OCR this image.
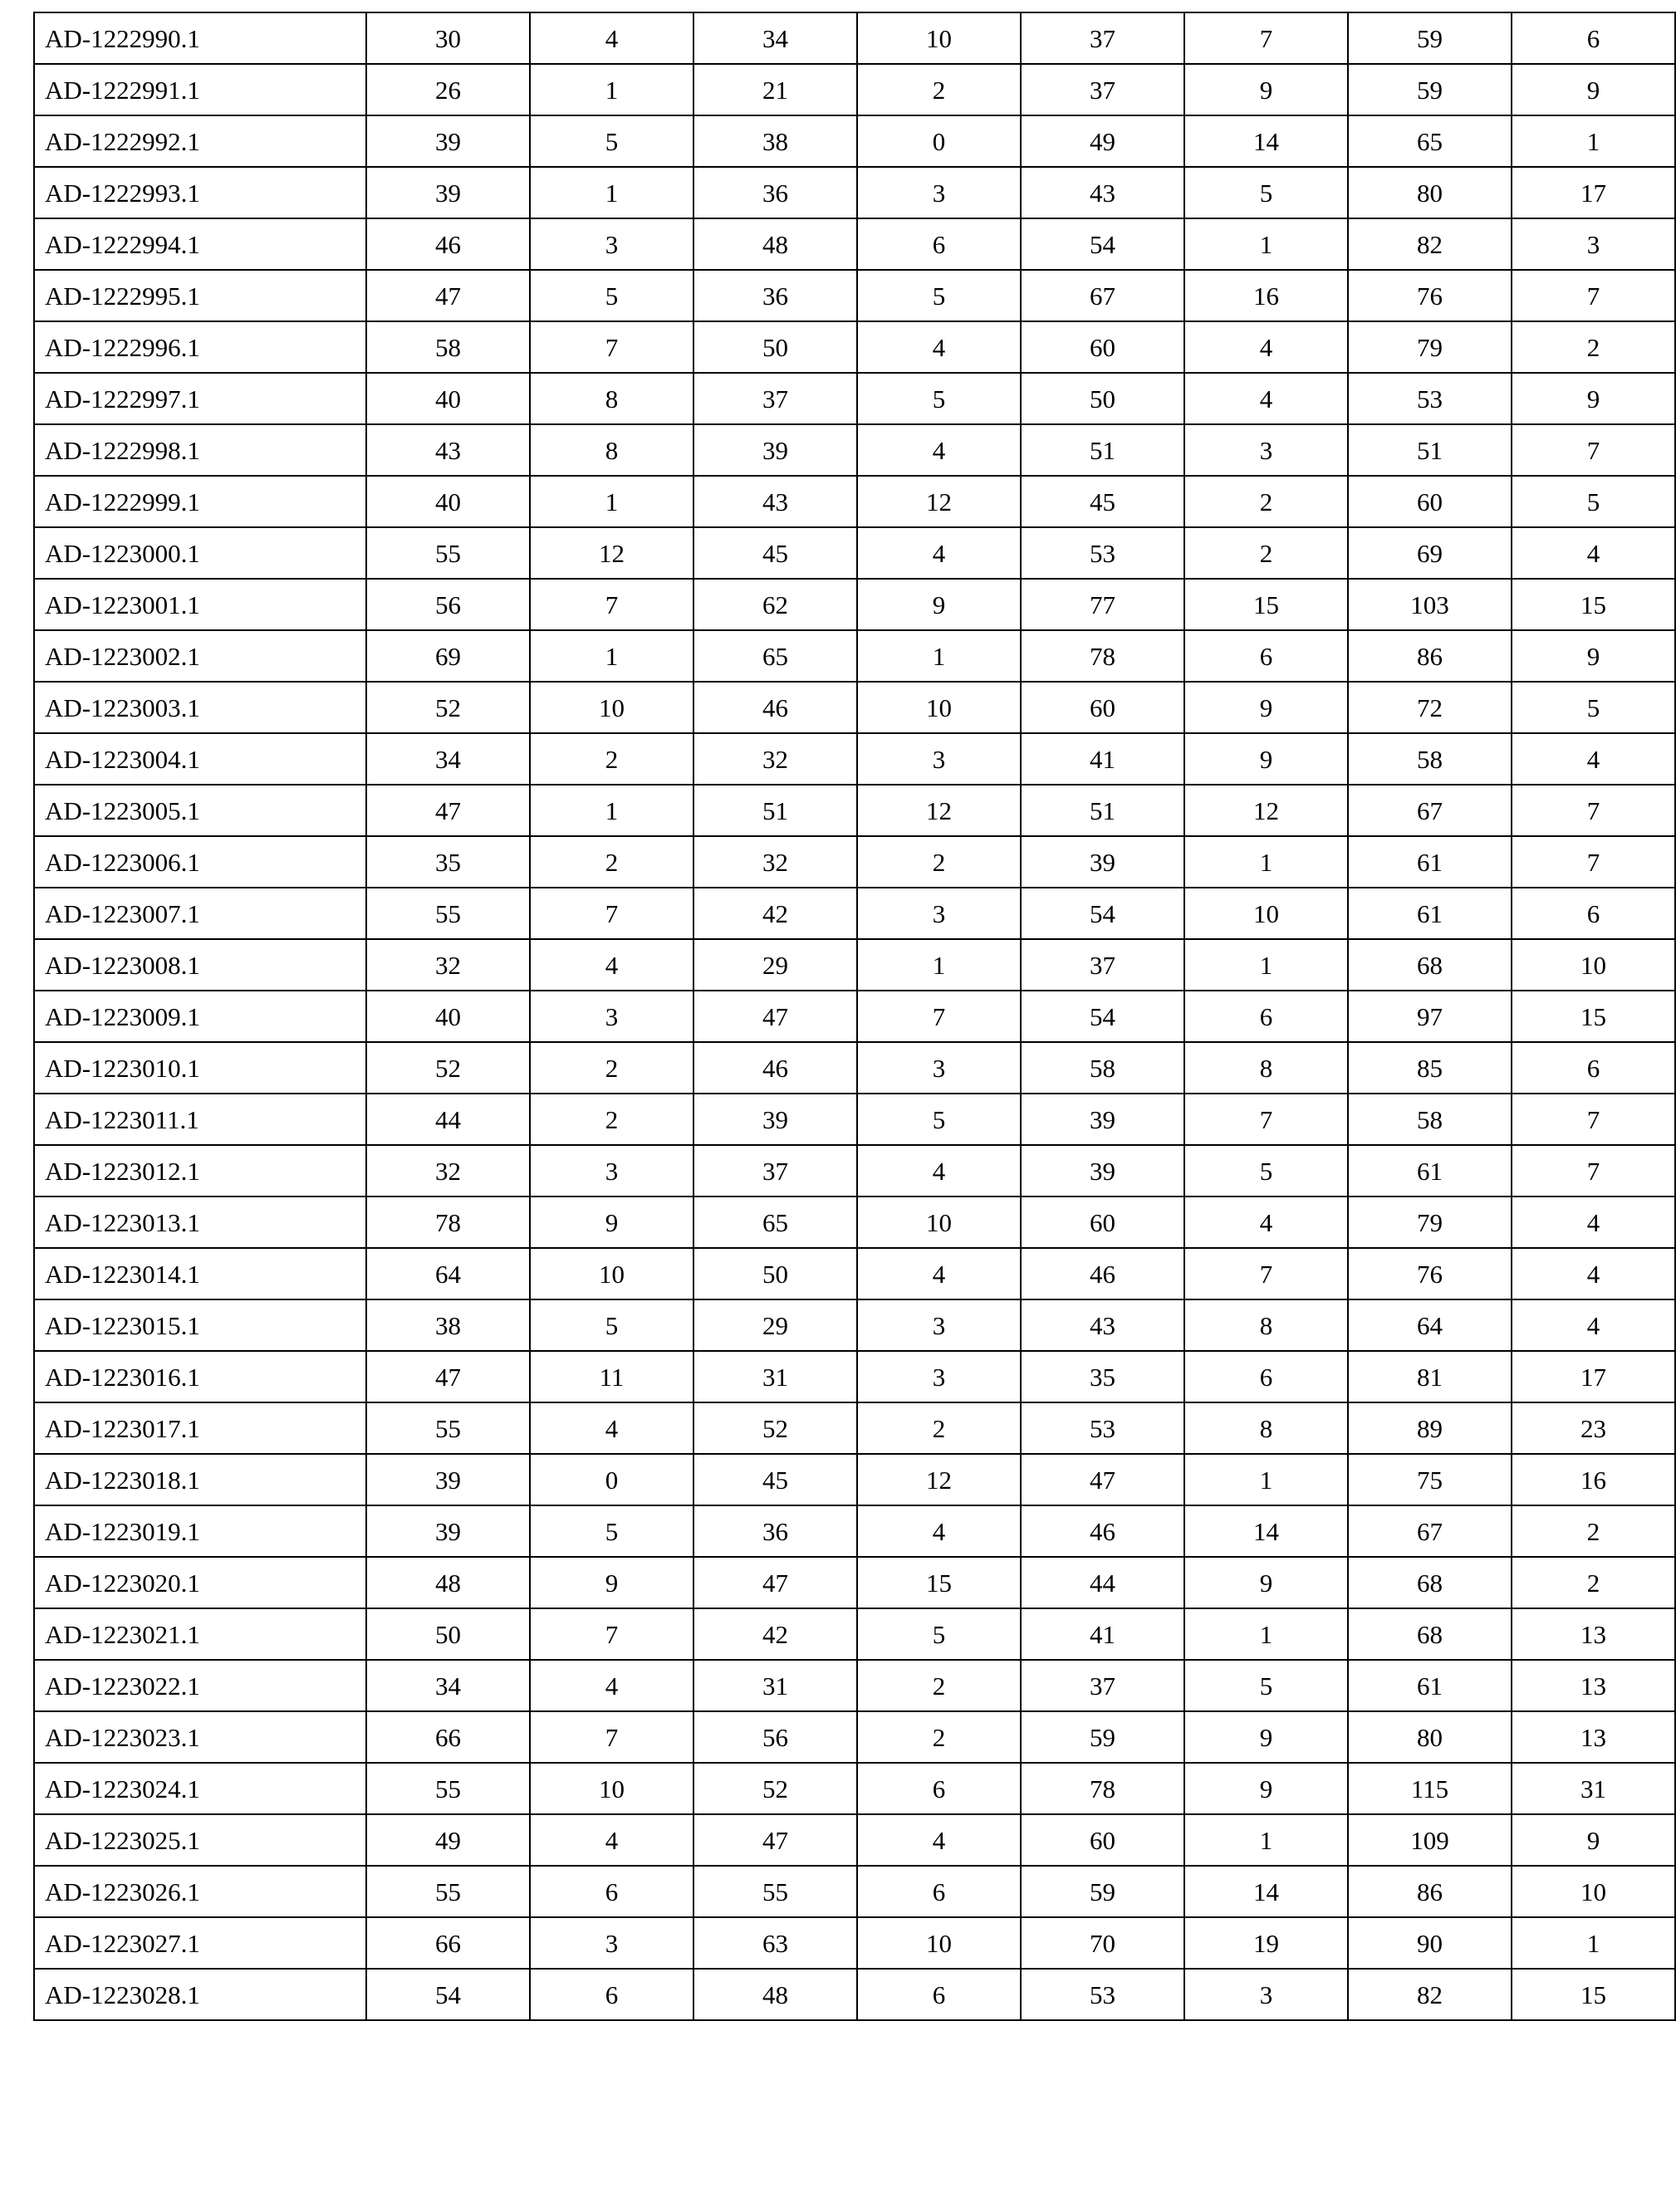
AD-1222990.1	30	4	34	10	37	7	59	6
AD-1222991.1	26	1	21	2	37	9	59	9
AD-1222992.1	39	5	38	0	49	14	65	1
AD-1222993.1	39	1	36	3	43	5	80	17
AD-1222994.1	46	3	48	6	54	1	82	3
AD-1222995.1	47	5	36	5	67	16	76	7
AD-1222996.1	58	7	50	4	60	4	79	2
AD-1222997.1	40	8	37	5	50	4	53	9
AD-1222998.1	43	8	39	4	51	3	51	7
AD-1222999.1	40	1	43	12	45	2	60	5
AD-1223000.1	55	12	45	4	53	2	69	4
AD-1223001.1	56	7	62	9	77	15	103	15
AD-1223002.1	69	1	65	1	78	6	86	9
AD-1223003.1	52	10	46	10	60	9	72	5
AD-1223004.1	34	2	32	3	41	9	58	4
AD-1223005.1	47	1	51	12	51	12	67	7
AD-1223006.1	35	2	32	2	39	1	61	7
AD-1223007.1	55	7	42	3	54	10	61	6
AD-1223008.1	32	4	29	1	37	1	68	10
AD-1223009.1	40	3	47	7	54	6	97	15
AD-1223010.1	52	2	46	3	58	8	85	6
AD-1223011.1	44	2	39	5	39	7	58	7
AD-1223012.1	32	3	37	4	39	5	61	7
AD-1223013.1	78	9	65	10	60	4	79	4
AD-1223014.1	64	10	50	4	46	7	76	4
AD-1223015.1	38	5	29	3	43	8	64	4
AD-1223016.1	47	11	31	3	35	6	81	17
AD-1223017.1	55	4	52	2	53	8	89	23
AD-1223018.1	39	0	45	12	47	1	75	16
AD-1223019.1	39	5	36	4	46	14	67	2
AD-1223020.1	48	9	47	15	44	9	68	2
AD-1223021.1	50	7	42	5	41	1	68	13
AD-1223022.1	34	4	31	2	37	5	61	13
AD-1223023.1	66	7	56	2	59	9	80	13
AD-1223024.1	55	10	52	6	78	9	115	31
AD-1223025.1	49	4	47	4	60	1	109	9
AD-1223026.1	55	6	55	6	59	14	86	10
AD-1223027.1	66	3	63	10	70	19	90	1
AD-1223028.1	54	6	48	6	53	3	82	15
